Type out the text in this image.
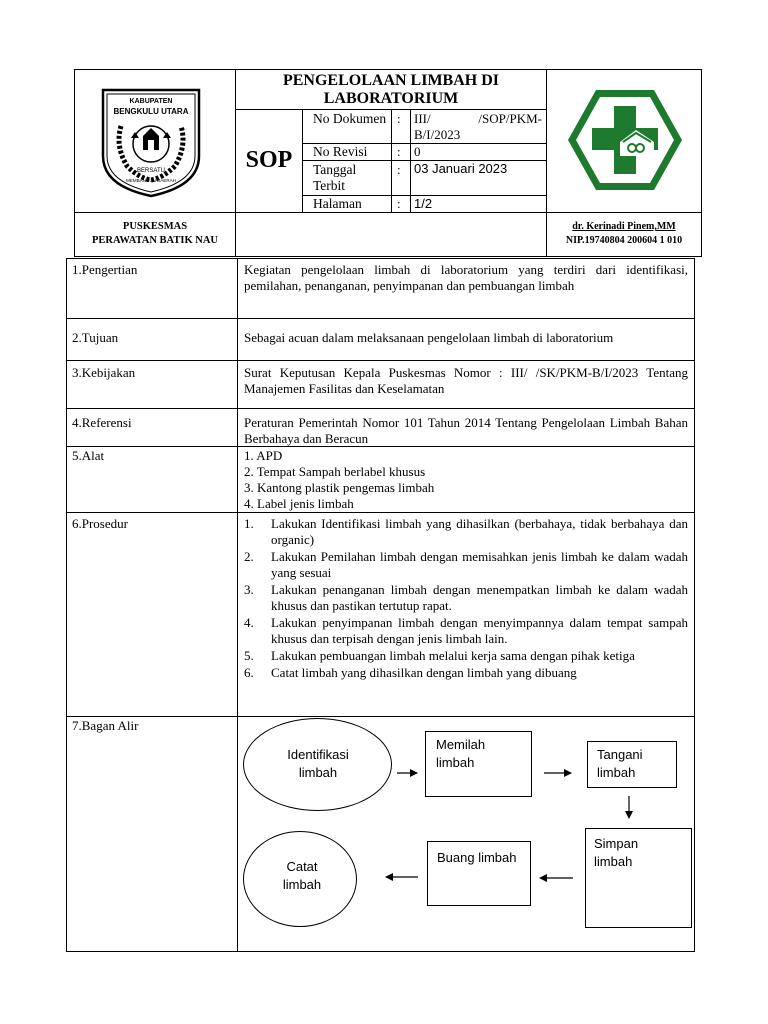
KABUPATEN
BENGKULU UTARA
BERSATU
MEMBANGUN DAERAH
PENGELOLAAN LIMBAH DI
LABORATORIUM
SOP
No Dokumen : III/ /SOP/PKM-B/I/2023
No Revisi : 0
Tanggal Terbit
: 03 Januari 2023
Halaman	: 1/2
PUSKESMAS
PERAWATAN BATIK NAU
dr. Kerinadi Pinem,MM
NIP.19740804 200604 1 010
1.Pengertian	Kegiatan pengelolaan limbah di laboratorium yang terdiri dari identifikasi, pemilahan, penanganan, penyimpanan dan pembuangan limbah
2.Tujuan	Sebagai acuan dalam melaksanaan pengelolaan limbah di laboratorium
3.Kebijakan	Surat Keputusan Kepala Puskesmas Nomor : III/ /SK/PKM-B/I/2023 Tentang Manajemen Fasilitas dan Keselamatan
4.Referensi	Peraturan Pemerintah Nomor 101 Tahun 2014 Tentang Pengelolaan Limbah Bahan Berbahaya dan Beracun
5.Alat	1. APD
2. Tempat Sampah berlabel khusus
3. Kantong plastik pengemas limbah
4. Label jenis limbah
6.Prosedur	1.	Lakukan Identifikasi limbah yang dihasilkan (berbahaya, tidak berbahaya dan organic)
2.	Lakukan Pemilahan limbah dengan memisahkan jenis limbah ke dalam wadah yang sesuai
3.	Lakukan penanganan limbah dengan menempatkan limbah ke dalam wadah khusus dan pastikan tertutup rapat.
4.	Lakukan penyimpanan limbah dengan menyimpannya dalam tempat sampah khusus dan terpisah dengan jenis limbah lain.
5.	Lakukan pembuangan limbah melalui kerja sama dengan pihak ketiga
6.	Catat limbah yang dihasilkan dengan limbah yang dibuang
7.Bagan Alir
Identifikasi limbah
Memilah limbah
Tangani limbah
Simpan limbah
Buang limbah
Catat limbah
